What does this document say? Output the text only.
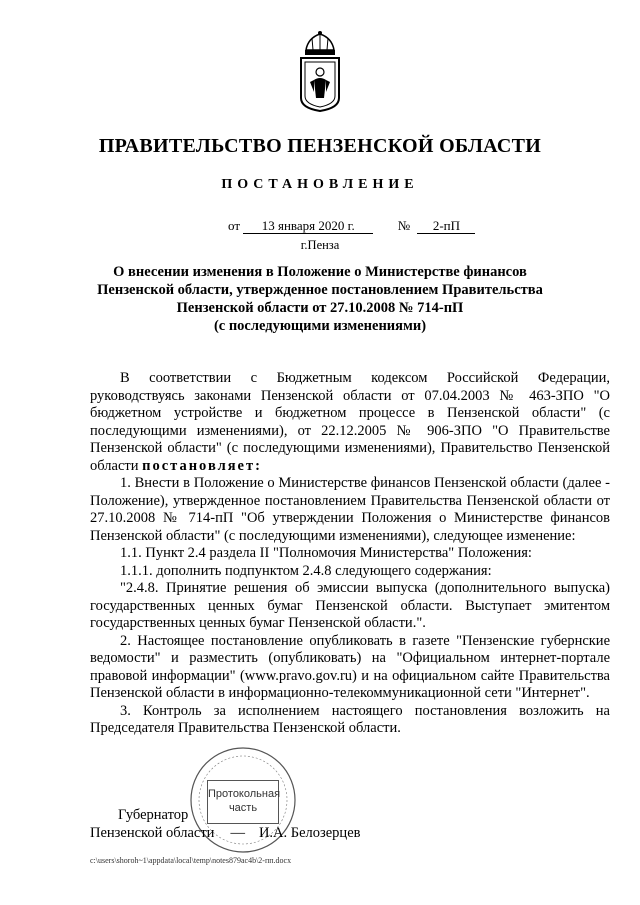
ПРАВИТЕЛЬСТВО ПЕНЗЕНСКОЙ ОБЛАСТИ
ПОСТАНОВЛЕНИЕ
от 13 января 2020 г.	№ 2-пП
г.Пенза
О внесении изменения в Положение о Министерстве финансов
Пензенской области, утвержденное постановлением Правительства
Пензенской области от 27.10.2008 № 714-пП
(с последующими изменениями)

В соответствии с Бюджетным кодексом Российской Федерации, руководствуясь законами Пензенской области от 07.04.2003 № 463-ЗПО "О бюджетном устройстве и бюджетном процессе в Пензенской области" (с последующими изменениями), от 22.12.2005 № 906-ЗПО "О Правительстве Пензенской области" (с последующими изменениями), Правительство Пензенской области постановляет:

1. Внести в Положение о Министерстве финансов Пензенской области (далее - Положение), утвержденное постановлением Правительства Пензенской области от 27.10.2008 № 714-пП "Об утверждении Положения о Министерстве финансов Пензенской области" (с последующими изменениями), следующее изменение:

1.1. Пункт 2.4 раздела II "Полномочия Министерства" Положения:

1.1.1. дополнить подпунктом 2.4.8 следующего содержания:

"2.4.8. Принятие решения об эмиссии выпуска (дополнительного выпуска) государственных ценных бумаг Пензенской области. Выступает эмитентом государственных ценных бумаг Пензенской области.".

2. Настоящее постановление опубликовать в газете "Пензенские губернские ведомости" и разместить (опубликовать) на "Официальном интернет-портале правовой информации" (www.pravo.gov.ru) и на официальном сайте Правительства Пензенской области в информационно-телекоммуникационной сети "Интернет".

3. Контроль за исполнением настоящего постановления возложить на Председателя Правительства Пензенской области.

Протокольная
часть
Губернатор
Пензенской области — И.А. Белозерцев
c:\users\shoroh~1\appdata\local\temp\notes879ac4b\2-пп.docx
